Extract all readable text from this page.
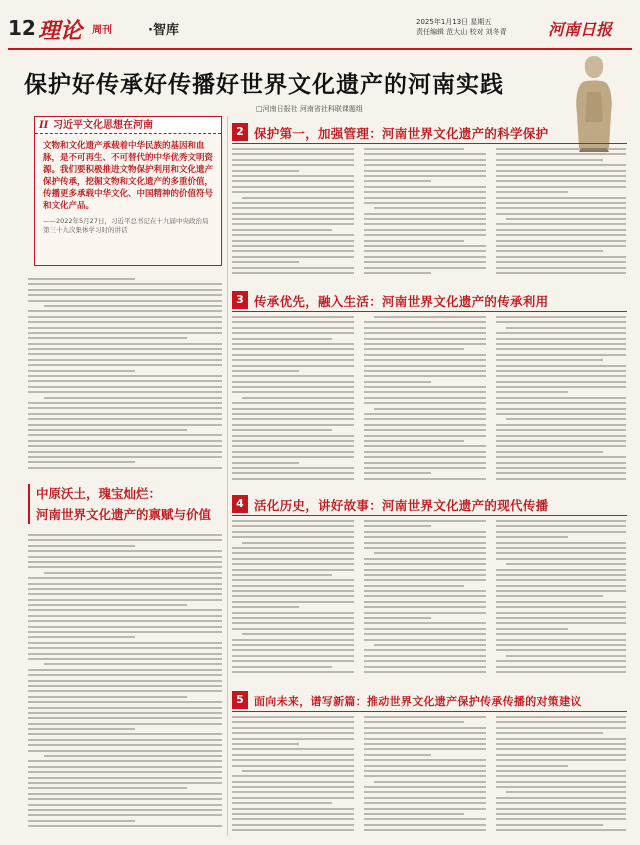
12 理论 周刊	·智库
2025年1月13日 星期五
责任编辑 范大山 校对 刘冬青	河南日报
保护好传承好传播好世界文化遗产的河南实践
□河南日报社 河南省社科联课题组
II 习近平文化思想在河南
文物和文化遗产承载着中华民族的基因和血脉，是不可再生、不可替代的中华优秀文明资源。我们要积极推进文物保护利用和文化遗产保护传承，挖掘文物和文化遗产的多重价值，传播更多承载中华文化、中国精神的价值符号和文化产品。
——2022年5月27日，习近平总书记在十九届中央政治局第三十九次集体学习时的讲话
中原沃土，瑰宝灿烂：
河南世界文化遗产的禀赋与价值
2 保护第一，加强管理：河南世界文化遗产的科学保护
3 传承优先，融入生活：河南世界文化遗产的传承利用
4 活化历史，讲好故事：河南世界文化遗产的现代传播
5 面向未来，谱写新篇：推动世界文化遗产保护传承传播的对策建议
